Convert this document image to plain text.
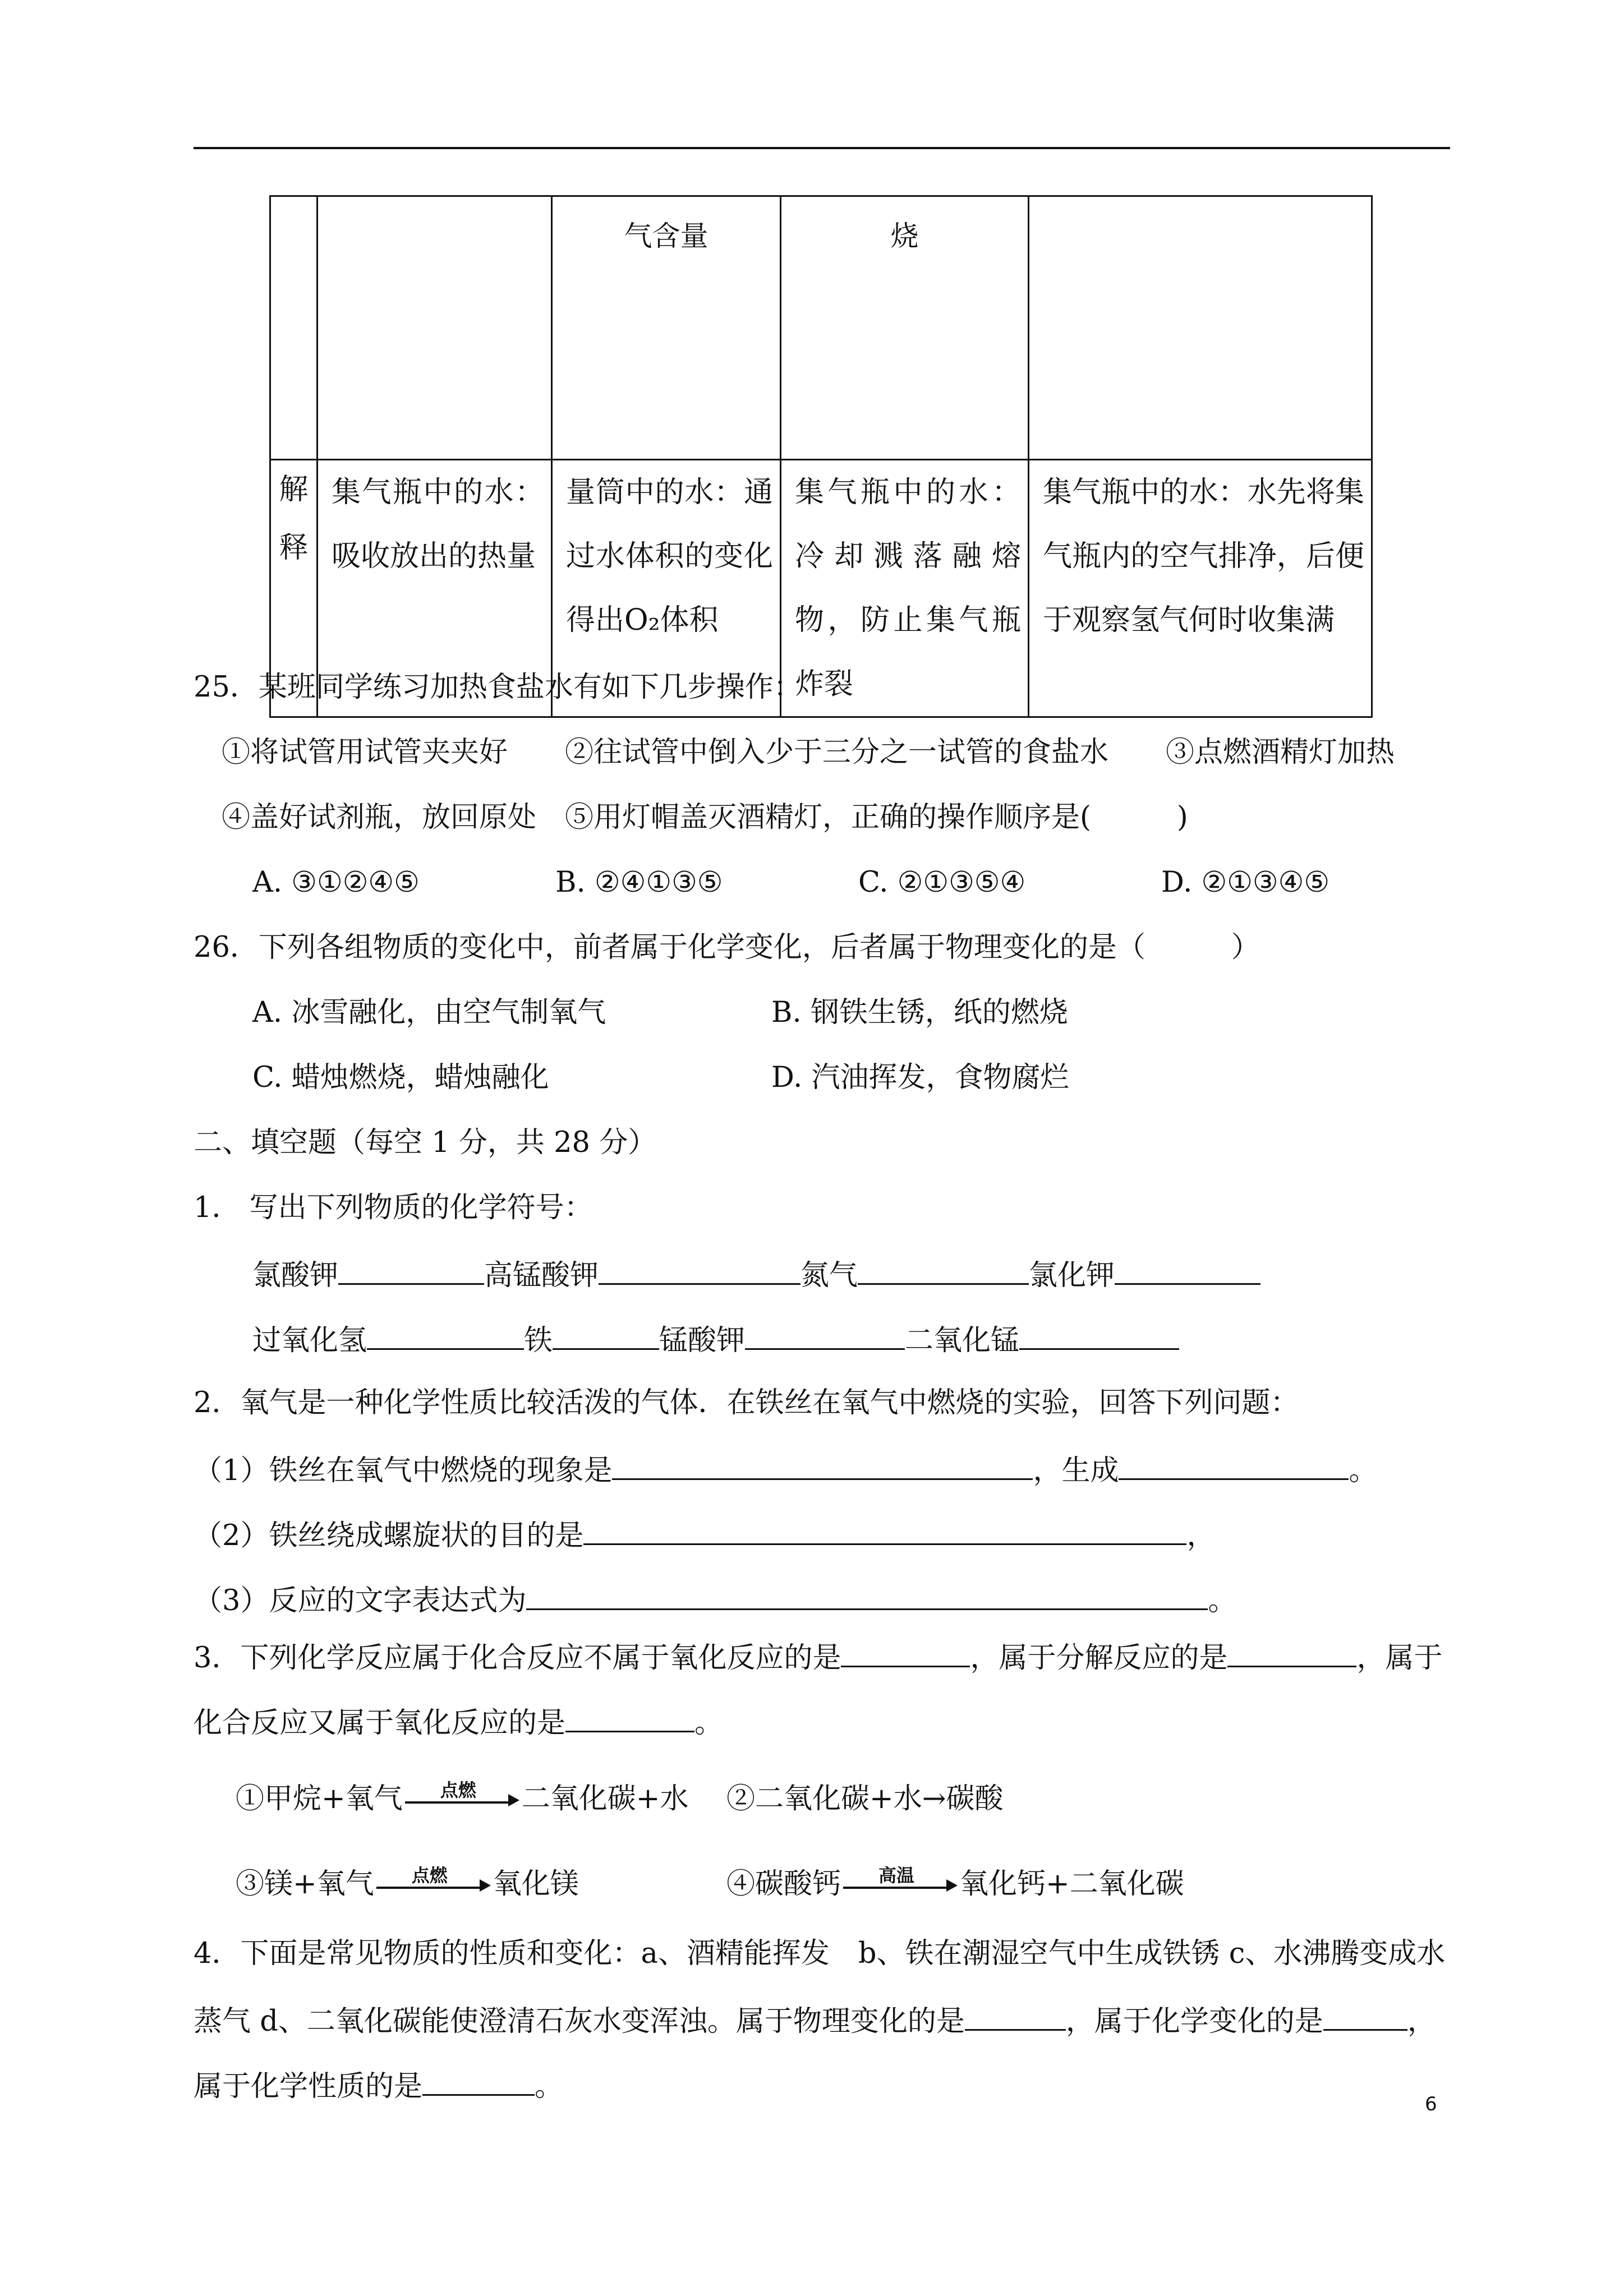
		气含量	烧	

解释	集气瓶中的水：吸收放出的热量	量筒中的水：通过水体积的变化得出O₂体积	集气瓶中的水：冷却溅落融熔物，防止集气瓶炸裂	集气瓶中的水：水先将集气瓶内的空气排净，后便于观察氢气何时收集满
25．某班同学练习加热食盐水有如下几步操作：
①将试管用试管夹夹好　　②往试管中倒入少于三分之一试管的食盐水　　③点燃酒精灯加热
④盖好试剂瓶，放回原处　⑤用灯帽盖灭酒精灯，正确的操作顺序是(　　　)
A. ③①②④⑤	B. ②④①③⑤	C. ②①③⑤④	D. ②①③④⑤
26．下列各组物质的变化中，前者属于化学变化，后者属于物理变化的是（　　　）
A. 冰雪融化，由空气制氧气	B. 钢铁生锈，纸的燃烧
C. 蜡烛燃烧，蜡烛融化	D. 汽油挥发，食物腐烂
二、填空题（每空 1 分，共 28 分）
1． 写出下列物质的化学符号：
氯酸钾	高锰酸钾	氮气	氯化钾
过氧化氢	铁	锰酸钾	二氧化锰
2．氧气是一种化学性质比较活泼的气体．在铁丝在氧气中燃烧的实验，回答下列问题：
（1）铁丝在氧气中燃烧的现象是	，生成	。
（2）铁丝绕成螺旋状的目的是	，
（3）反应的文字表达式为	。
3．下列化学反应属于化合反应不属于氧化反应的是	，属于分解反应的是	，属于
化合反应又属于氧化反应的是	。
①甲烷+氧气	点燃	二氧化碳+水 ②二氧化碳+水→碳酸
③镁+氧气	点燃	氧化镁	④碳酸钙	高温	氧化钙+二氧化碳
4．下面是常见物质的性质和变化：a、酒精能挥发　b、铁在潮湿空气中生成铁锈 c、水沸腾变成水
蒸气 d、二氧化碳能使澄清石灰水变浑浊。属于物理变化的是	，属于化学变化的是	，
属于化学性质的是	。
6
